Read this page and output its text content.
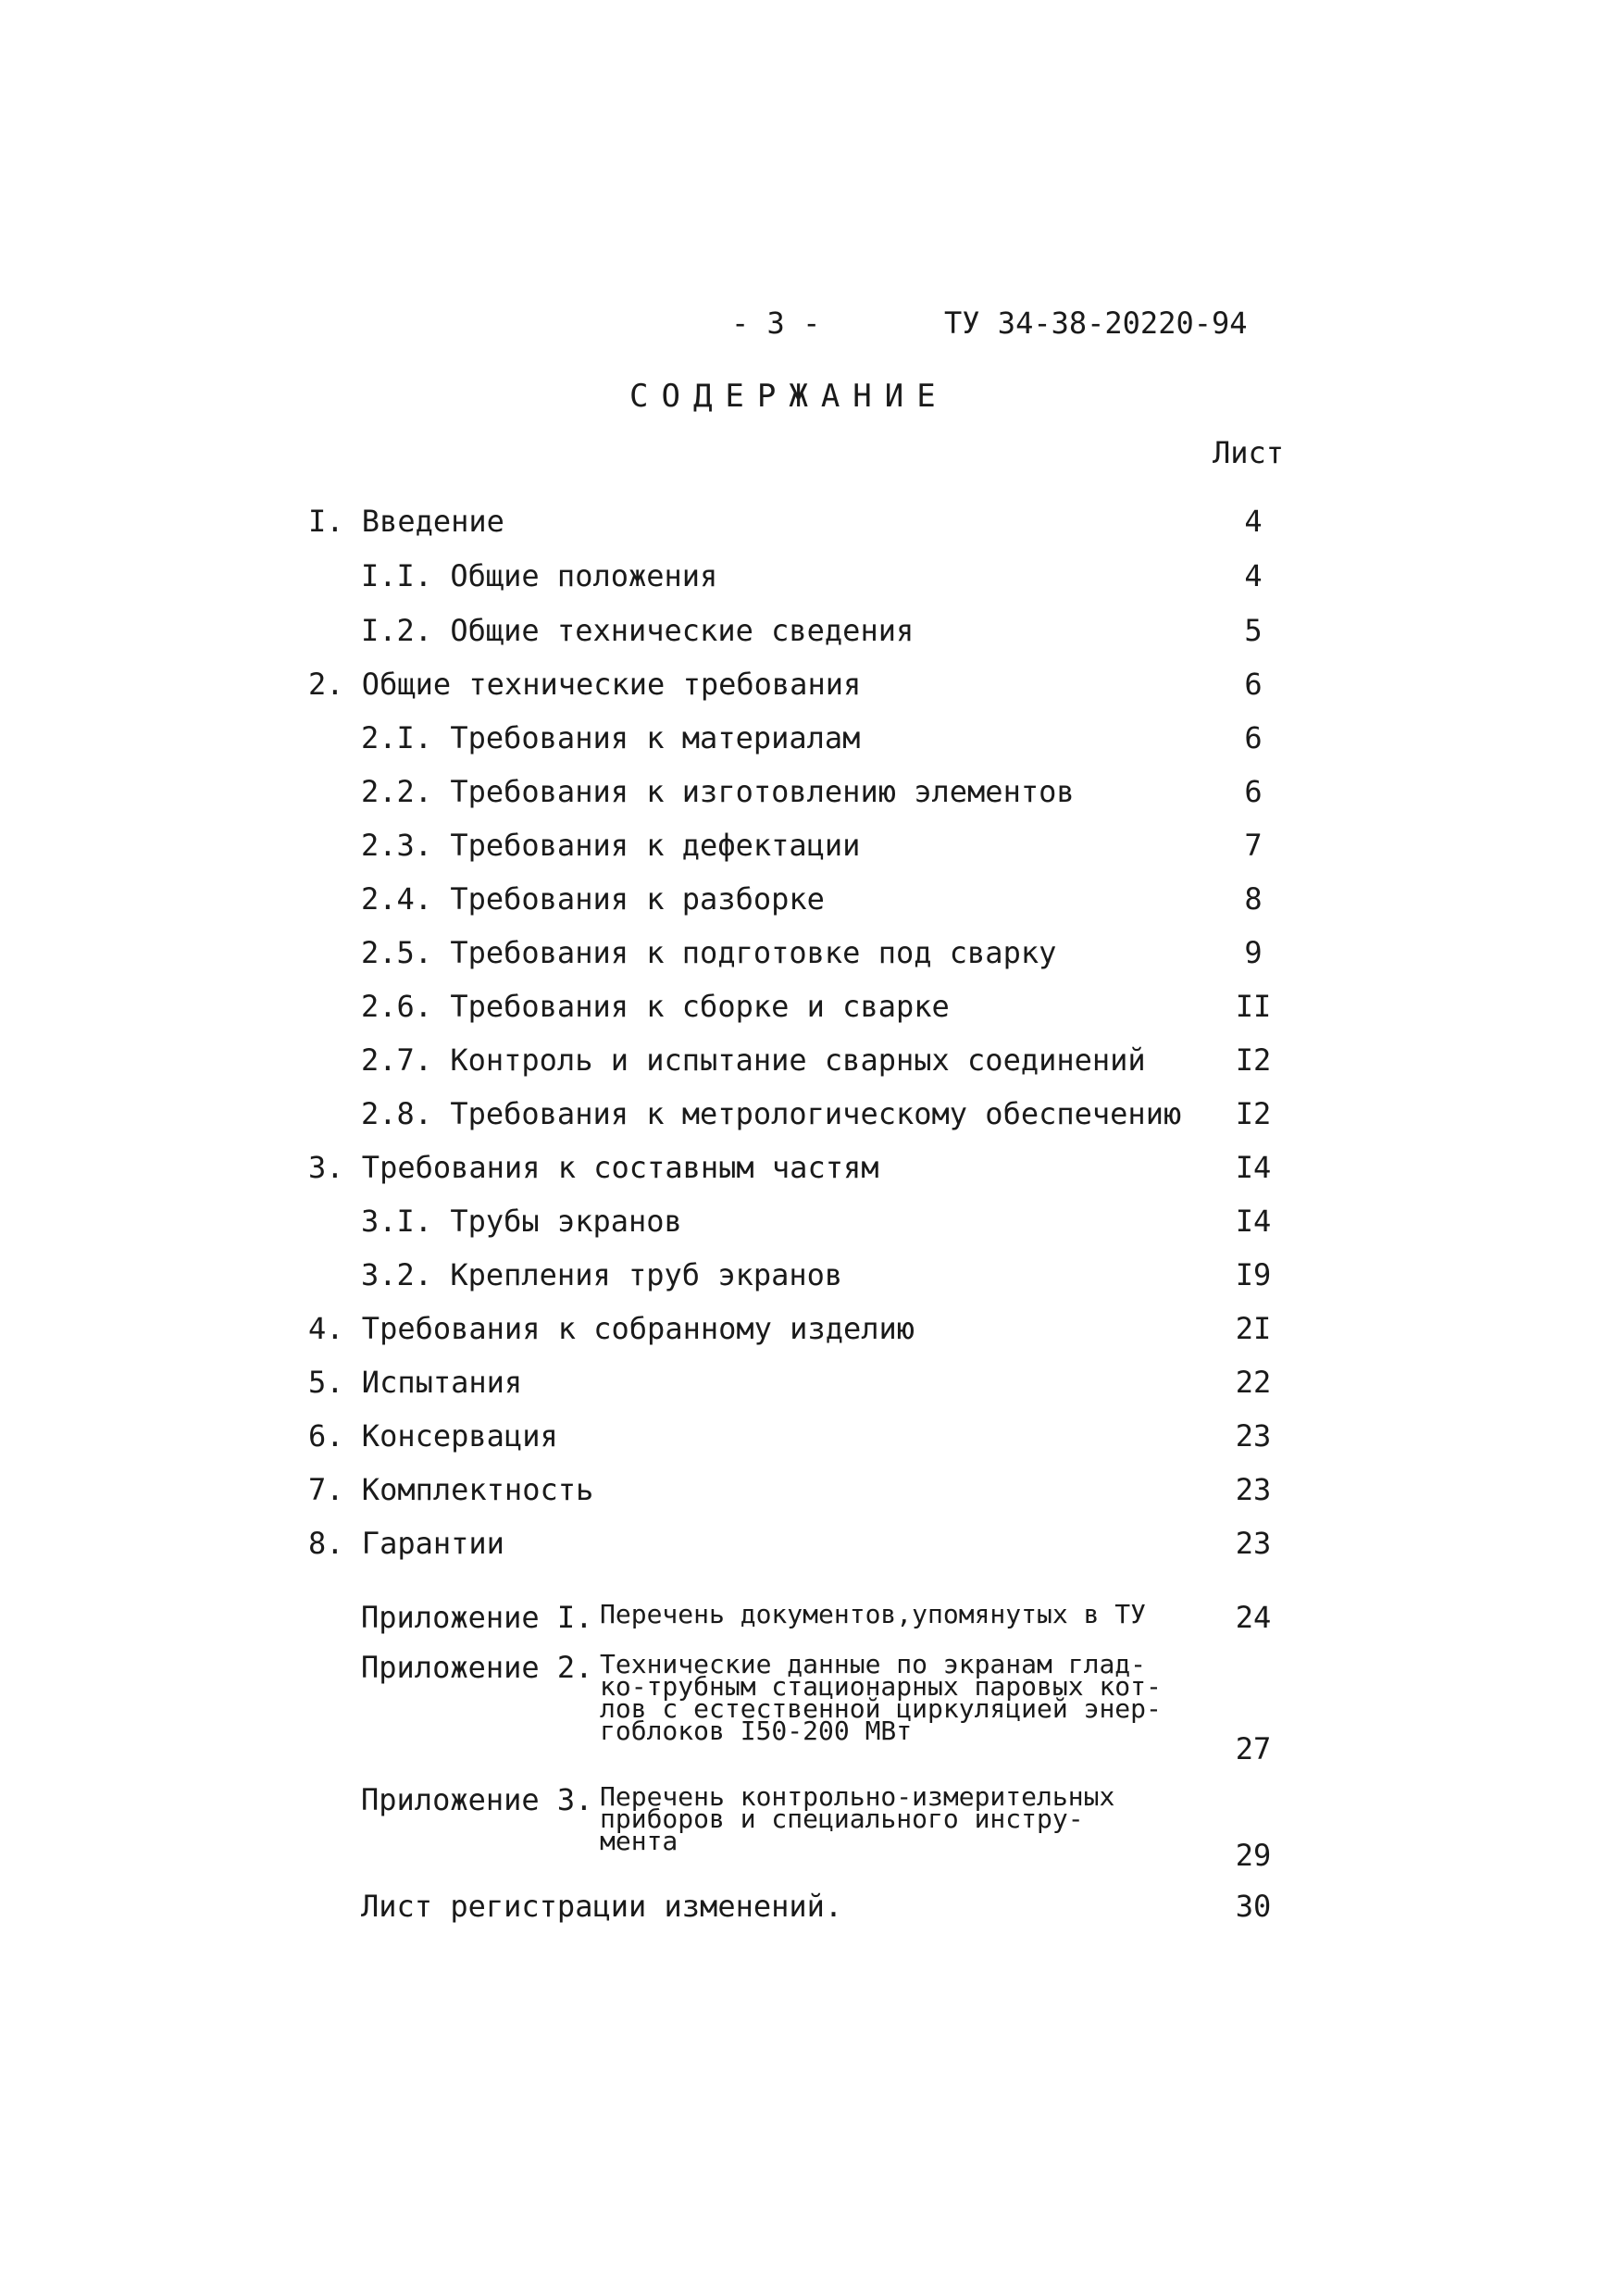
- 3 -	ТУ 34-38-20220-94
СОДЕРЖАНИЕ
Лист
I. Введение	4
I.I. Общие положения	4
I.2. Общие технические сведения	5
2. Общие технические требования	6
2.I. Требования к материалам	6
2.2. Требования к изготовлению элементов	6
2.3. Требования к дефектации	7
2.4. Требования к разборке	8
2.5. Требования к подготовке под сварку	9
2.6. Требования к сборке и сварке	II
2.7. Контроль и испытание сварных соединений	I2
2.8. Требования к метрологическому обеспечению I2
3. Требования к составным частям	I4
3.I. Трубы экранов	I4
3.2. Крепления труб экранов	I9
4. Требования к собранному изделию	2I
5. Испытания	22
6. Консервация	23
7. Комплектность	23
8. Гарантии	23
Приложение I. Перечень документов,упомянутых в ТУ	24
Приложение 2. Технические данные по экранам глад-
ко-трубным стационарных паровых кот-
лов с естественной циркуляцией энер-
гоблоков I50-200 МВт
27
Приложение 3. Перечень контрольно-измерительных
приборов и специального инстру-
мента	29
Лист регистрации изменений.	30
